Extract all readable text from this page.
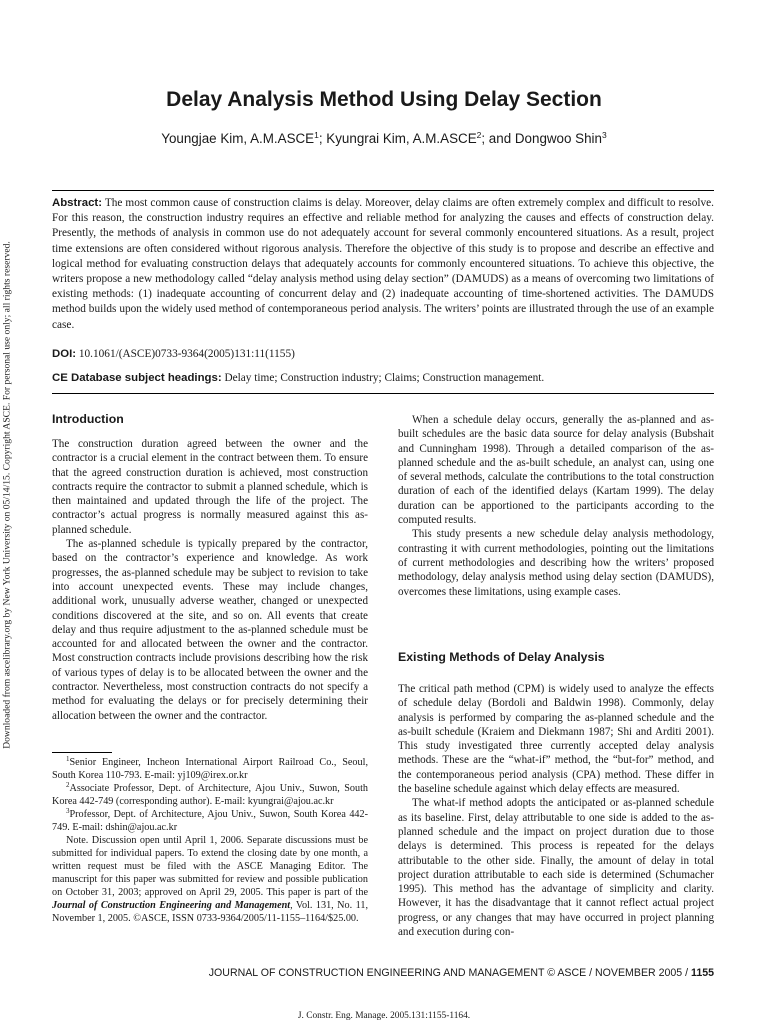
Downloaded from ascelibrary.org by New York University on 05/14/15. Copyright ASCE. For personal use only; all rights reserved.
Delay Analysis Method Using Delay Section

Youngjae Kim, A.M.ASCE$^1$; Kyungrai Kim, A.M.ASCE$^2$; and Dongwoo Shin$^3$

Abstract: The most common cause of construction claims is delay. Moreover, delay claims are often extremely complex and difficult to resolve. For this reason, the construction industry requires an effective and reliable method for analyzing the causes and effects of construction delay. Presently, the methods of analysis in common use do not adequately account for several commonly encountered situations. As a result, project time extensions are often considered without rigorous analysis. Therefore the objective of this study is to propose and describe an effective and logical method for evaluating construction delays that adequately accounts for commonly encountered situations. To achieve this objective, the writers propose a new methodology called “delay analysis method using delay section” (DAMUDS) as a means of overcoming two limitations of existing methods: (1) inadequate accounting of concurrent delay and (2) inadequate accounting of time-shortened activities. The DAMUDS method builds upon the widely used method of contemporaneous period analysis. The writers’ points are illustrated through the use of an example case.

DOI: 10.1061/(ASCE)0733-9364(2005)131:11(1155)

CE Database subject headings: Delay time; Construction industry; Claims; Construction management.

Introduction

The construction duration agreed between the owner and the contractor is a crucial element in the contract between them. To ensure that the agreed construction duration is achieved, most construction contracts require the contractor to submit a planned schedule, which is then maintained and updated through the life of the project. The contractor’s actual progress is normally measured against this as-planned schedule.

The as-planned schedule is typically prepared by the contractor, based on the contractor’s experience and knowledge. As work progresses, the as-planned schedule may be subject to revision to take into account unexpected events. These may include changes, additional work, unusually adverse weather, changed or unexpected conditions discovered at the site, and so on. All events that create delay and thus require adjustment to the as-planned schedule must be accounted for and allocated between the owner and the contractor. Most construction contracts include provisions describing how the risk of various types of delay is to be allocated between the owner and the contractor. Nevertheless, most construction contracts do not specify a method for evaluating the delays or for precisely determining their allocation between the owner and the contractor.

$^1$Senior Engineer, Incheon International Airport Railroad Co., Seoul, South Korea 110-793. E-mail: yj109@irex.or.kr

$^2$Associate Professor, Dept. of Architecture, Ajou Univ., Suwon, South Korea 442-749 (corresponding author). E-mail: kyungrai@ajou.ac.kr

$^3$Professor, Dept. of Architecture, Ajou Univ., Suwon, South Korea 442-749. E-mail: dshin@ajou.ac.kr

Note. Discussion open until April 1, 2006. Separate discussions must be submitted for individual papers. To extend the closing date by one month, a written request must be filed with the ASCE Managing Editor. The manuscript for this paper was submitted for review and possible publication on October 31, 2003; approved on April 29, 2005. This paper is part of the Journal of Construction Engineering and Management, Vol. 131, No. 11, November 1, 2005. ©ASCE, ISSN 0733-9364/2005/11-1155–1164/$25.00.

When a schedule delay occurs, generally the as-planned and as-built schedules are the basic data source for delay analysis (Bubshait and Cunningham 1998). Through a detailed comparison of the as-planned schedule and the as-built schedule, an analyst can, using one of several methods, calculate the contributions to the total construction duration of each of the identified delays (Kartam 1999). The delay duration can be apportioned to the participants according to the computed results.

This study presents a new schedule delay analysis methodology, contrasting it with current methodologies, pointing out the limitations of current methodologies and describing how the writers’ proposed methodology, delay analysis method using delay section (DAMUDS), overcomes these limitations, using example cases.

Existing Methods of Delay Analysis

The critical path method (CPM) is widely used to analyze the effects of schedule delay (Bordoli and Baldwin 1998). Commonly, delay analysis is performed by comparing the as-planned schedule and the as-built schedule (Kraiem and Diekmann 1987; Shi and Arditi 2001). This study investigated three currently accepted delay analysis methods. These are the “what-if” method, the “but-for” method, and the contemporaneous period analysis (CPA) method. These differ in the baseline schedule against which delay effects are measured.

The what-if method adopts the anticipated or as-planned schedule as its baseline. First, delay attributable to one side is added to the as-planned schedule and the impact on project duration due to those delays is determined. This process is repeated for the delays attributable to the other side. Finally, the amount of delay in total project duration attributable to each side is determined (Schumacher 1995). This method has the advantage of simplicity and clarity. However, it has the disadvantage that it cannot reflect actual project progress, or any changes that may have occurred in project planning and execution during con-

JOURNAL OF CONSTRUCTION ENGINEERING AND MANAGEMENT © ASCE / NOVEMBER 2005 / 1155

J. Constr. Eng. Manage. 2005.131:1155-1164.
